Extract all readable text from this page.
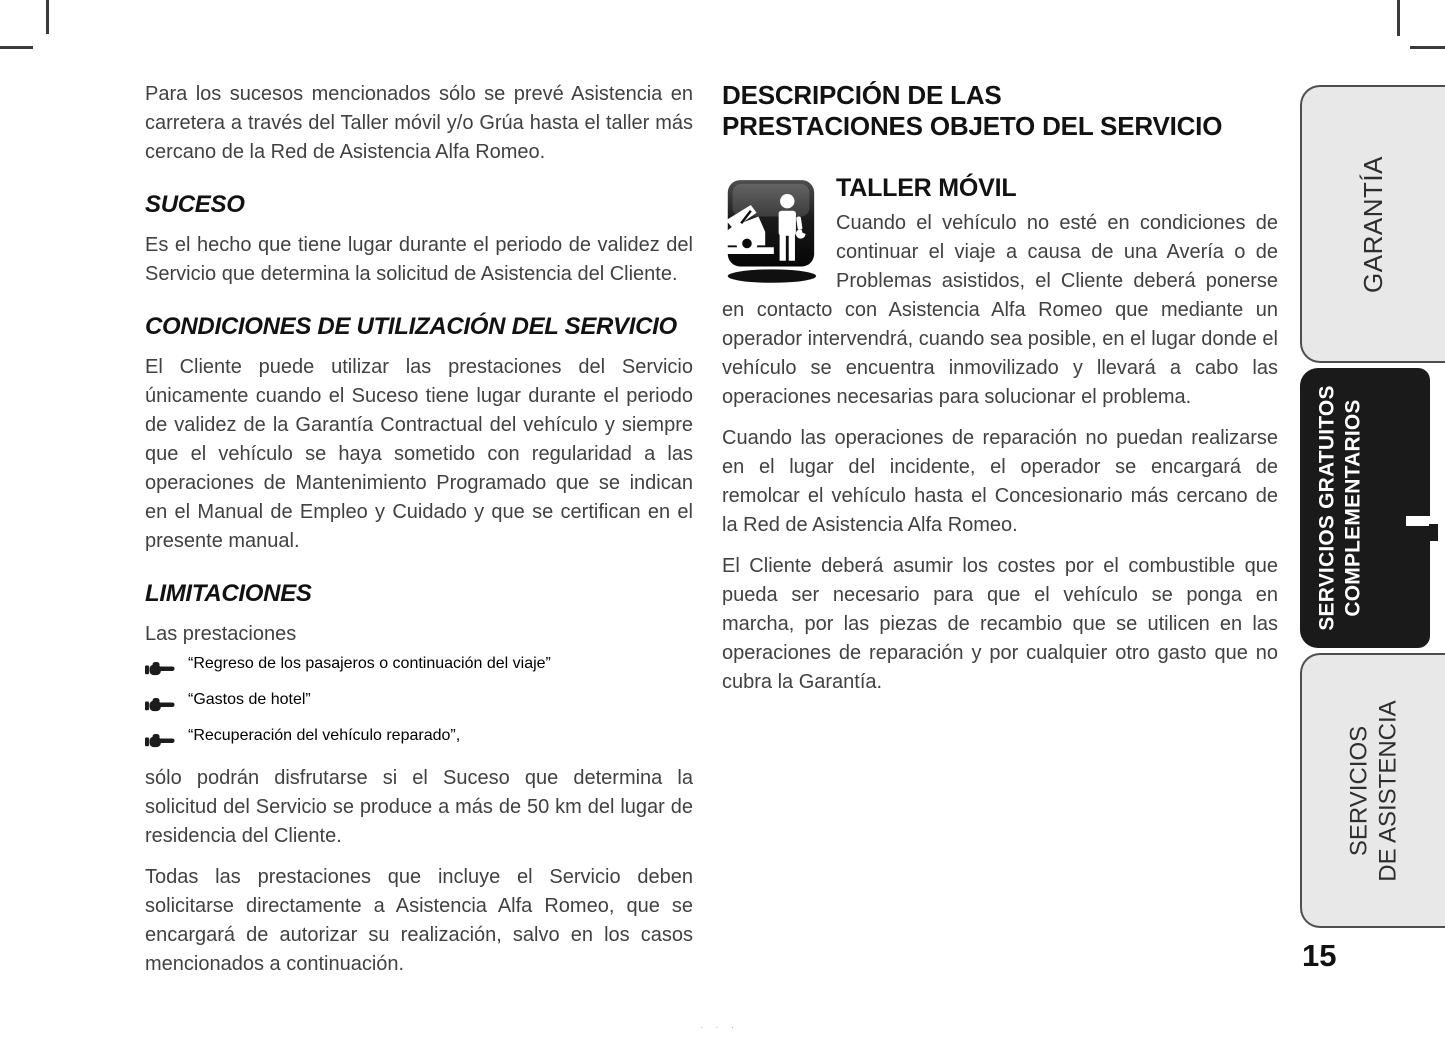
Para los sucesos mencionados sólo se prevé Asistencia en carretera a través del Taller móvil y/o Grúa hasta el taller más cercano de la Red de Asistencia Alfa Romeo.

SUCESO

Es el hecho que tiene lugar durante el periodo de validez del Servicio que determina la solicitud de Asistencia del Cliente.

CONDICIONES DE UTILIZACIÓN DEL SERVICIO

El Cliente puede utilizar las prestaciones del Servicio únicamente cuando el Suceso tiene lugar durante el periodo de validez de la Garantía Contractual del vehículo y siempre que el vehículo se haya sometido con regularidad a las operaciones de Mantenimiento Programado que se indican en el Manual de Empleo y Cuidado y que se certifican en el presente manual.

LIMITACIONES

Las prestaciones

“Regreso de los pasajeros o continuación del viaje”
“Gastos de hotel”
“Recuperación del vehículo reparado”,

sólo podrán disfrutarse si el Suceso que determina la solicitud del Servicio se produce a más de 50 km del lugar de residencia del Cliente.

Todas las prestaciones que incluye el Servicio deben solicitarse directamente a Asistencia Alfa Romeo, que se encargará de autorizar su realización, salvo en los casos mencionados a continuación.

DESCRIPCIÓN DE LAS
PRESTACIONES OBJETO DEL SERVICIO
TALLER MÓVIL

Cuando el vehículo no esté en condiciones de continuar el viaje a causa de una Avería o de Problemas asistidos, el Cliente deberá ponerse en contacto con Asistencia Alfa Romeo que mediante un operador intervendrá, cuando sea posible, en el lugar donde el vehículo se encuentra inmovilizado y llevará a cabo las operaciones necesarias para solucionar el problema.

Cuando las operaciones de reparación no puedan realizarse en el lugar del incidente, el operador se encargará de remolcar el vehículo hasta el Concesionario más cercano de la Red de Asistencia Alfa Romeo.

El Cliente deberá asumir los costes por el combustible que pueda ser necesario para que el vehículo se ponga en marcha, por las piezas de recambio que se utilicen en las operaciones de reparación y por cualquier otro gasto que no cubra la Garantía.

GARANTÍA
SERVICIOS GRATUITOS COMPLEMENTARIOS
SERVICIOS DE ASISTENCIA
15
. . .
